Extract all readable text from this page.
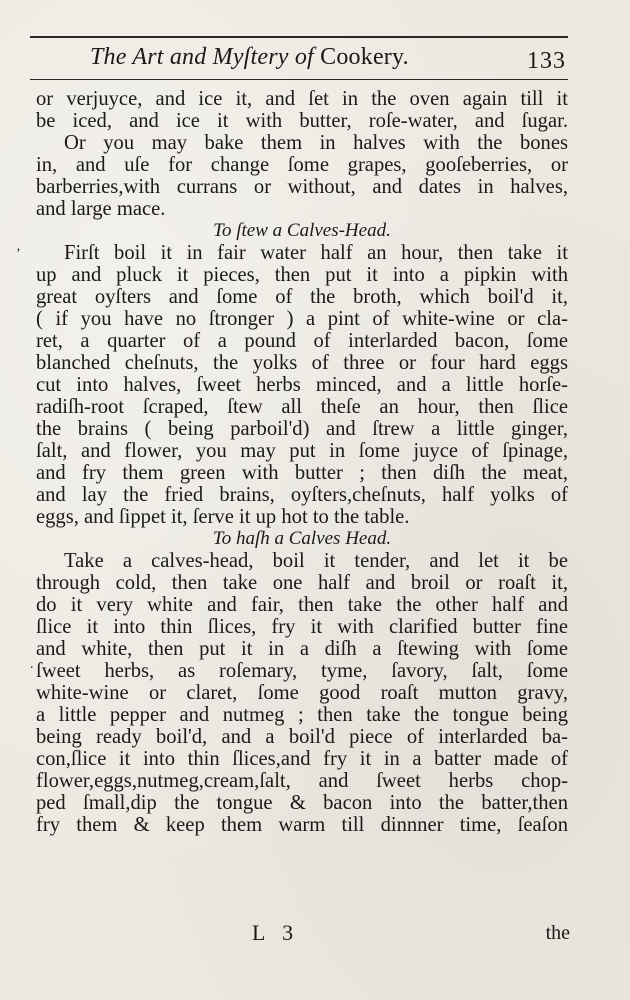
The Art and Myſtery of Cookery.	133
‚
.
or verjuyce, and ice it, and ſet in the oven again till it
be iced, and ice it with butter, roſe-water, and ſugar.
Or you may bake them in halves with the bones
in, and uſe for change ſome grapes, gooſeberries, or
barberries,with currans or without, and dates in halves,
and large mace.
To ſtew a Calves-Head.
Firſt boil it in fair water half an hour, then take it
up and pluck it pieces, then put it into a pipkin with
great oyſters and ſome of the broth, which boil'd it,
( if you have no ſtronger ) a pint of white-wine or cla-
ret, a quarter of a pound of interlarded bacon, ſome
blanched cheſnuts, the yolks of three or four hard eggs
cut into halves, ſweet herbs minced, and a little horſe-
radiſh-root ſcraped, ſtew all theſe an hour, then ſlice
the brains ( being parboil'd) and ſtrew a little ginger,
ſalt, and flower, you may put in ſome juyce of ſpinage,
and fry them green with butter ; then diſh the meat,
and lay the fried brains, oyſters,cheſnuts, half yolks of
eggs, and ſippet it, ſerve it up hot to the table.
To haſh a Calves Head.
Take a calves-head, boil it tender, and let it be
through cold, then take one half and broil or roaſt it,
do it very white and fair, then take the other half and
ſlice it into thin ſlices, fry it with clarified butter fine
and white, then put it in a diſh a ſtewing with ſome
ſweet herbs, as roſemary, tyme, ſavory, ſalt, ſome
white-wine or claret, ſome good roaſt mutton gravy,
a little pepper and nutmeg ; then take the tongue being
being ready boil'd, and a boil'd piece of interlarded ba-
con,ſlice it into thin ſlices,and fry it in a batter made of
flower,eggs,nutmeg,cream,ſalt, and ſweet herbs chop-
ped ſmall,dip the tongue & bacon into the batter,then
fry them & keep them warm till dinnner time, ſeaſon
L 3	the
